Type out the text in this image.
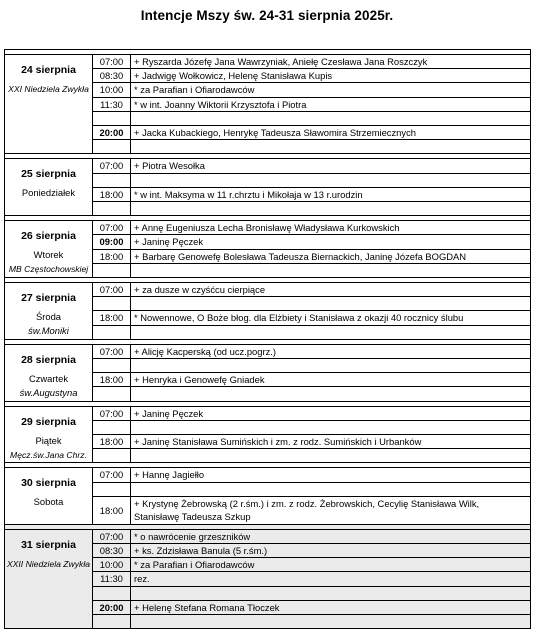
Intencje Mszy św. 24-31 sierpnia 2025r.

24 sierpnia
XXI Niedziela Zwykła	07:00	+ Ryszarda Józefę Jana Wawrzyniak, Aniełę Czesława Jana Roszczyk
	08:30	+ Jadwigę Wołkowicz, Helenę Stanisława Kupis
	10:00	* za Parafian i Ofiarodawców
	11:30	* w int. Joanny Wiktorii Krzysztofa i Piotra

	20:00	+ Jacka Kubackiego, Henrykę Tadeusza Sławomira Strzemiecznych

25 sierpnia
Poniedziałek	07:00	+ Piotra Wesołka

	18:00	* w int. Maksyma w 11 r.chrztu i Mikołaja w 13 r.urodzin

26 sierpnia
Wtorek
MB Częstochowskiej	07:00	+ Annę Eugeniusza Lecha Bronisławę Władysława Kurkowskich
	09:00	+ Janinę Pęczek
	18:00	+ Barbarę Genowefę Bolesława Tadeusza Biernackich, Janinę Józefa BOGDAN

27 sierpnia
Środa
św.Moniki	07:00	+ za dusze w czyśćcu cierpiące

	18:00	* Nowennowe, O Boże błog. dla Elżbiety i Stanisława z okazji 40 rocznicy ślubu

28 sierpnia
Czwartek
św.Augustyna	07:00	+ Alicję Kacperską (od ucz.pogrz.)

	18:00	+ Henryka i Genowefę Gniadek

29 sierpnia
Piątek
Męcz.św.Jana Chrz.	07:00	+ Janinę Pęczek

	18:00	+ Janinę Stanisława Sumińskich i zm. z rodz. Sumińskich i Urbanków

30 sierpnia
Sobota	07:00	+ Hannę Jagiełło

	18:00	+ Krystynę Żebrowską (2 r.śm.) i zm. z rodz. Żebrowskich, Cecylię Stanisława Wilk, Stanisławę Tadeusza Szkup

31 sierpnia
XXII Niedziela Zwykła	07:00	* o nawrócenie grzeszników
	08:30	+ ks. Zdzisława Banula (5 r.śm.)
	10:00	* za Parafian i Ofiarodawców
	11:30	rez.

	20:00	+ Helenę Stefana Romana Tłoczek
